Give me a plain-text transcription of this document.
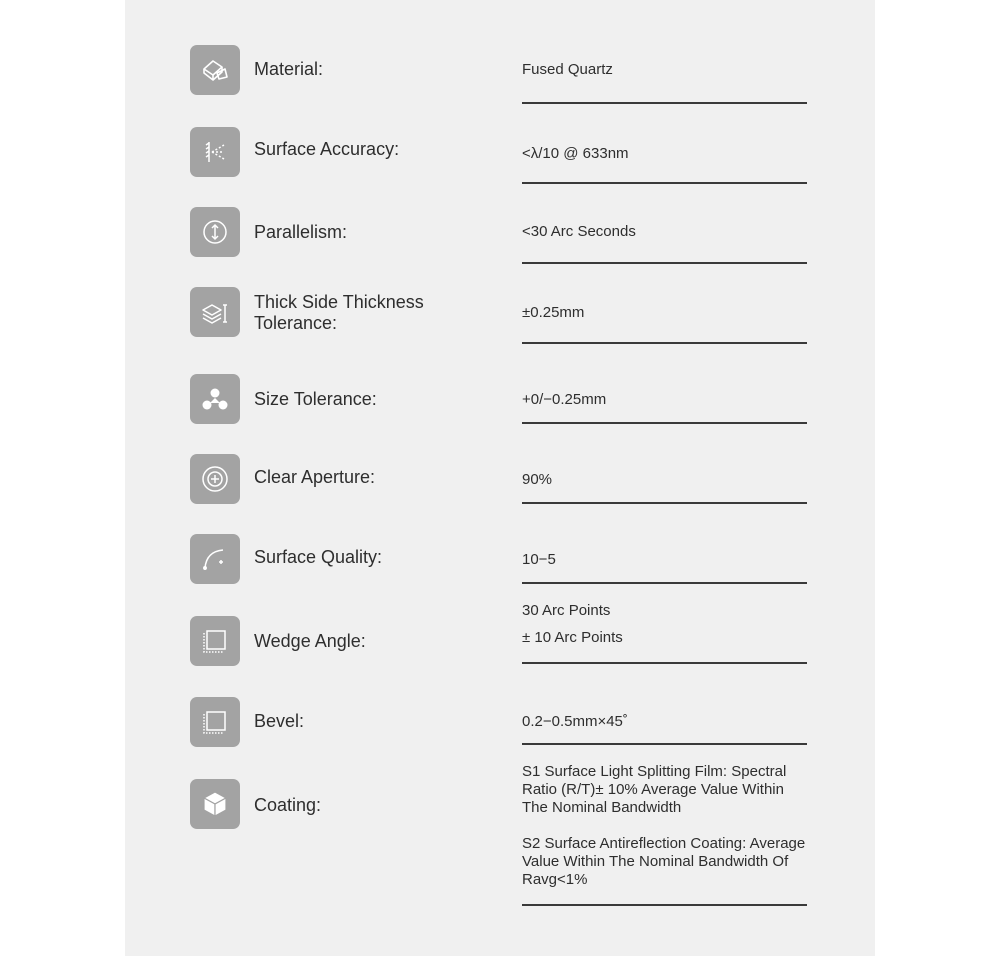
Material:	Fused Quartz
Surface Accuracy:	<λ/10 @ 633nm
Parallelism:	<30 Arc Seconds
Thick Side Thickness Tolerance:
±0.25mm
Size Tolerance:	+0/−0.25mm
Clear Aperture:	90%
Surface Quality:	10−5
Wedge Angle:

30 Arc Points

± 10 Arc Points

Bevel:	0.2−0.5mm×45˚
Coating:

S1 Surface Light Splitting Film: Spectral Ratio (R/T)± 10% Average Value Within The Nominal Bandwidth

S2 Surface Antireflection Coating: Average Value Within The Nominal Bandwidth Of Ravg<1%
